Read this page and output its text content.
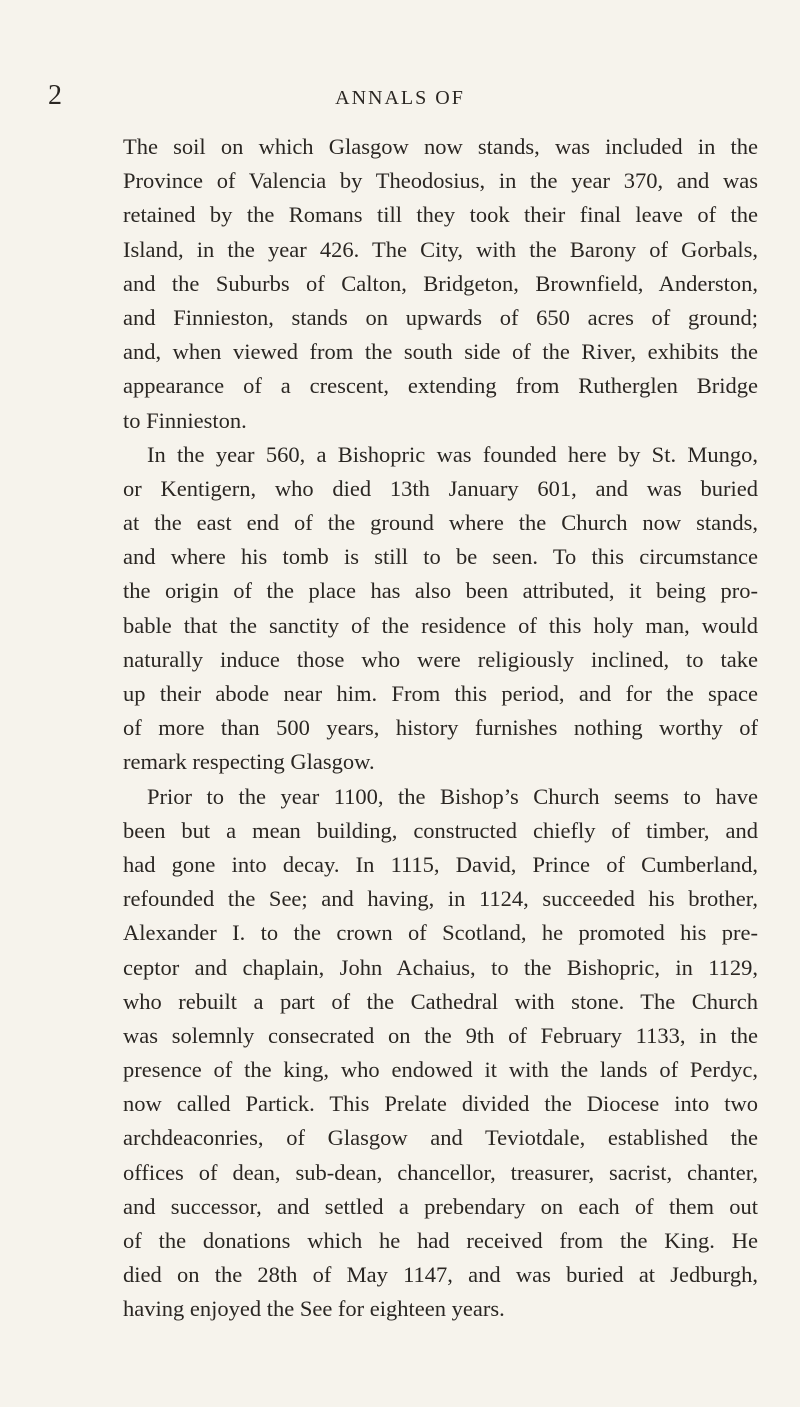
2	ANNALS OF
The soil on which Glasgow now stands, was included in the
Province of Valencia by Theodosius, in the year 370, and was
retained by the Romans till they took their final leave of the
Island, in the year 426. The City, with the Barony of Gorbals,
and the Suburbs of Calton, Bridgeton, Brownfield, Anderston,
and Finnieston, stands on upwards of 650 acres of ground;
and, when viewed from the south side of the River, exhibits the
appearance of a crescent, extending from Rutherglen Bridge
to Finnieston.
In the year 560, a Bishopric was founded here by St. Mungo,
or Kentigern, who died 13th January 601, and was buried
at the east end of the ground where the Church now stands,
and where his tomb is still to be seen. To this circumstance
the origin of the place has also been attributed, it being pro-
bable that the sanctity of the residence of this holy man, would
naturally induce those who were religiously inclined, to take
up their abode near him. From this period, and for the space
of more than 500 years, history furnishes nothing worthy of
remark respecting Glasgow.
Prior to the year 1100, the Bishop’s Church seems to have
been but a mean building, constructed chiefly of timber, and
had gone into decay. In 1115, David, Prince of Cumberland,
refounded the See; and having, in 1124, succeeded his brother,
Alexander I. to the crown of Scotland, he promoted his pre-
ceptor and chaplain, John Achaius, to the Bishopric, in 1129,
who rebuilt a part of the Cathedral with stone. The Church
was solemnly consecrated on the 9th of February 1133, in the
presence of the king, who endowed it with the lands of Perdyc,
now called Partick. This Prelate divided the Diocese into two
archdeaconries, of Glasgow and Teviotdale, established the
offices of dean, sub-dean, chancellor, treasurer, sacrist, chanter,
and successor, and settled a prebendary on each of them out
of the donations which he had received from the King. He
died on the 28th of May 1147, and was buried at Jedburgh,
having enjoyed the See for eighteen years.
